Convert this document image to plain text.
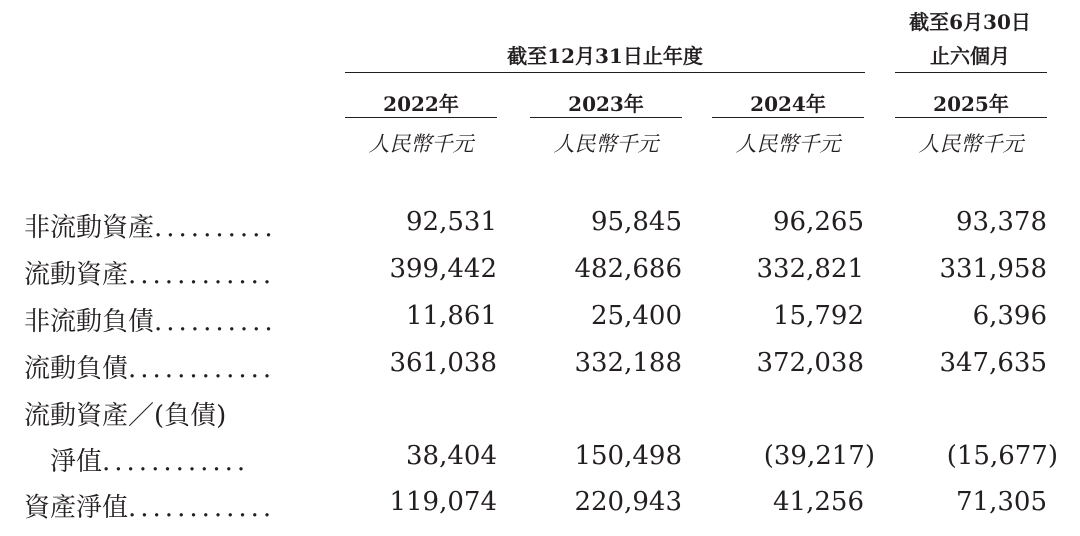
截至6月30日
截至12月31日止年度	止六個月
2022年	2023年	2024年	2025年
人民幣千元	人民幣千元	人民幣千元	人民幣千元
非流動資產 ..........	92,531	95,845	96,265	93,378
流動資產 ............	399,442	482,686	332,821	331,958
非流動負債 ..........	11,861	25,400	15,792	6,396
流動負債 ............	361,038	332,188	372,038	347,635
流動資產／(負債)
淨值 ............	38,404	150,498	(39,217)	(15,677)
資產淨值 ............	119,074	220,943	41,256	71,305
